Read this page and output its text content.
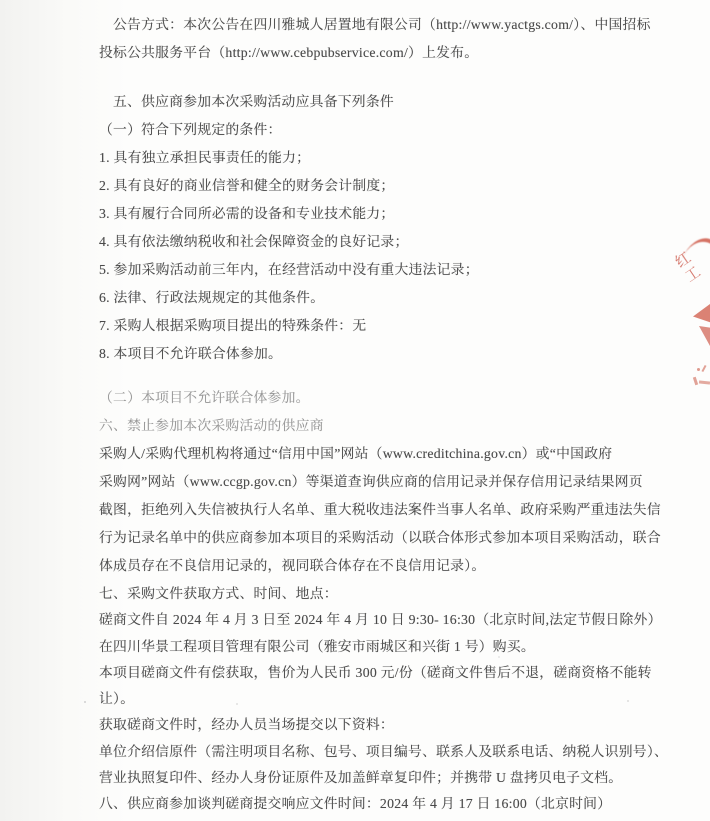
公告方式：本次公告在四川雅城人居置地有限公司（http://www.yactgs.com/）、中国招标
投标公共服务平台（http://www.cebpubservice.com/）上发布。
五、供应商参加本次采购活动应具备下列条件
（一）符合下列规定的条件：
1. 具有独立承担民事责任的能力；
2. 具有良好的商业信誉和健全的财务会计制度；
3. 具有履行合同所必需的设备和专业技术能力；
4. 具有依法缴纳税收和社会保障资金的良好记录；
5. 参加采购活动前三年内，在经营活动中没有重大违法记录；
6. 法律、行政法规规定的其他条件。
7. 采购人根据采购项目提出的特殊条件：无
8. 本项目不允许联合体参加。
（二）本项目不允许联合体参加。
六、禁止参加本次采购活动的供应商
采购人/采购代理机构将通过“信用中国”网站（www.creditchina.gov.cn）或“中国政府
采购网”网站（www.ccgp.gov.cn）等渠道查询供应商的信用记录并保存信用记录结果网页
截图，拒绝列入失信被执行人名单、重大税收违法案件当事人名单、政府采购严重违法失信
行为记录名单中的供应商参加本项目的采购活动（以联合体形式参加本项目采购活动，联合
体成员存在不良信用记录的，视同联合体存在不良信用记录）。
七、采购文件获取方式、时间、地点：
磋商文件自 2024 年 4 月 3 日至 2024 年 4 月 10 日 9:30- 16:30（北京时间,法定节假日除外）
在四川华景工程项目管理有限公司（雅安市雨城区和兴街 1 号）购买。
本项目磋商文件有偿获取，售价为人民币 300 元/份（磋商文件售后不退，磋商资格不能转
让）。
获取磋商文件时，经办人员当场提交以下资料：
单位介绍信原件（需注明项目名称、包号、项目编号、联系人及联系电话、纳税人识别号）、
营业执照复印件、经办人身份证原件及加盖鲜章复印件；并携带 U 盘拷贝电子文档。
八、供应商参加谈判磋商提交响应文件时间：2024 年 4 月 17 日 16:00（北京时间）
红工
